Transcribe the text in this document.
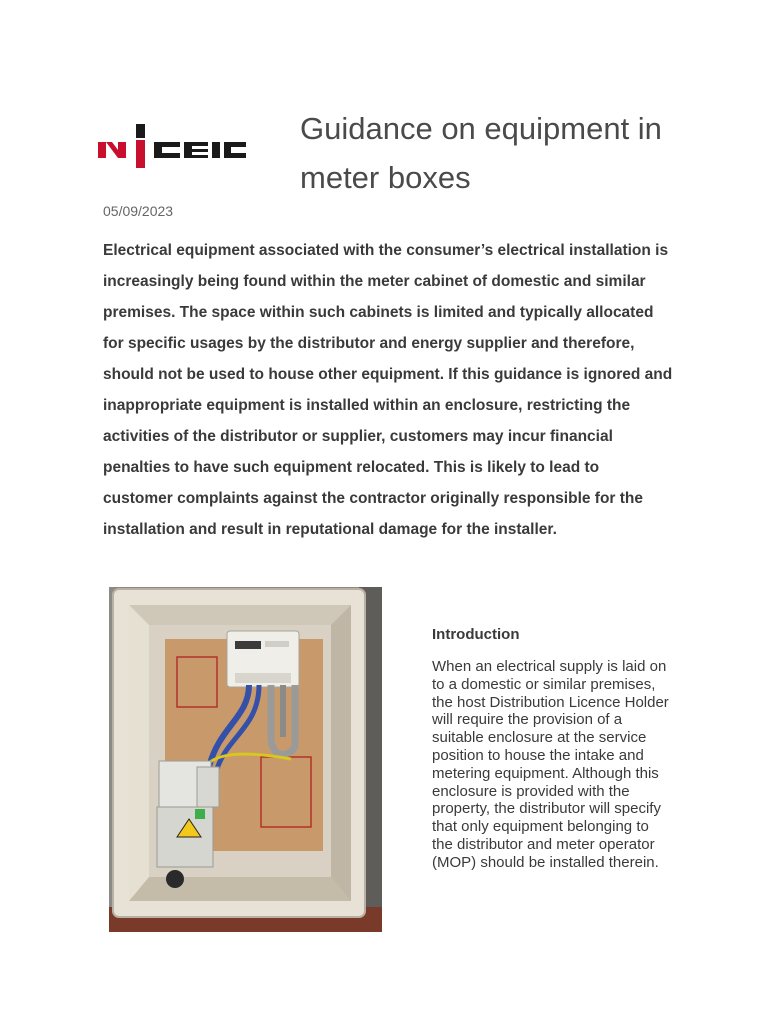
Guidance on equipment in meter boxes
05/09/2023

Electrical equipment associated with the consumer’s electrical installation is increasingly being found within the meter cabinet of domestic and similar premises. The space within such cabinets is limited and typically allocated for specific usages by the distributor and energy supplier and therefore, should not be used to house other equipment. If this guidance is ignored and inappropriate equipment is installed within an enclosure, restricting the activities of the distributor or supplier, customers may incur financial penalties to have such equipment relocated. This is likely to lead to customer complaints against the contractor originally responsible for the installation and result in reputational damage for the installer.

Introduction

When an electrical supply is laid on to a domestic or similar premises, the host Distribution Licence Holder will require the provision of a suitable enclosure at the service position to house the intake and metering equipment. Although this enclosure is provided with the property, the distributor will specify that only equipment belonging to the distributor and meter operator (MOP) should be installed therein.
